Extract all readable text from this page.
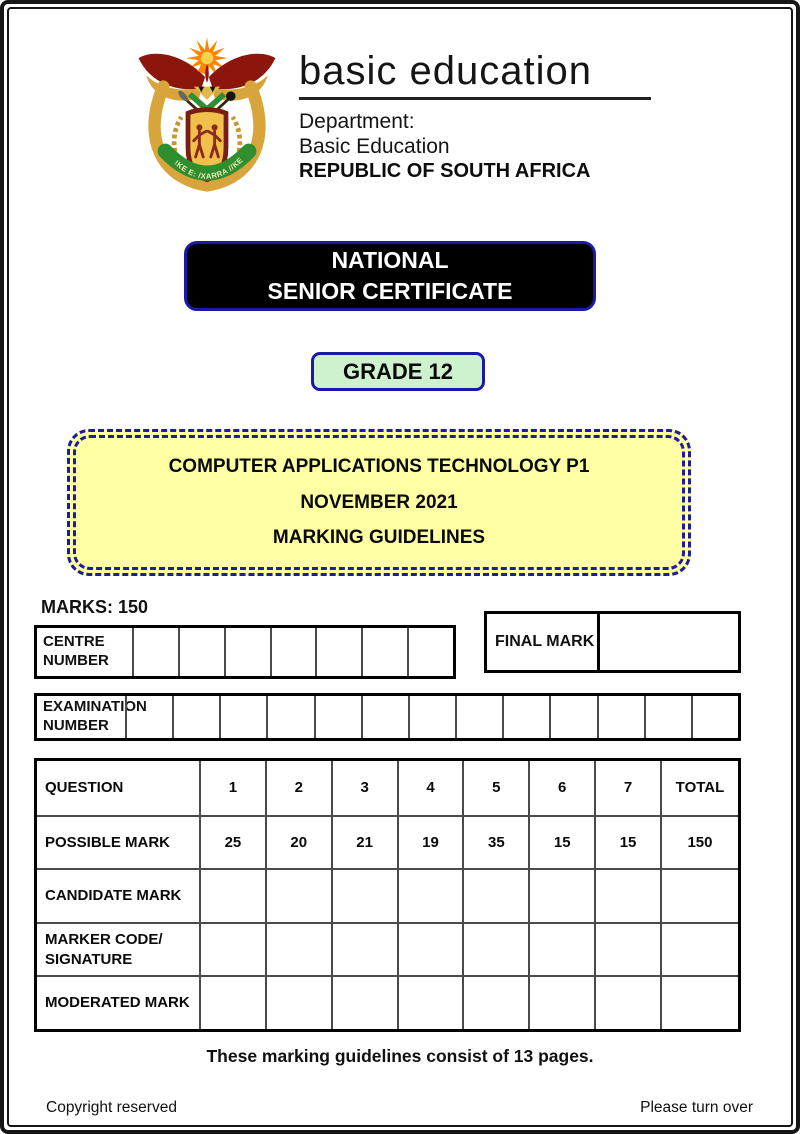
!KE E: /XARRA //KE
basic education
Department:
Basic Education
REPUBLIC OF SOUTH AFRICA
NATIONAL
SENIOR CERTIFICATE
GRADE 12
COMPUTER APPLICATIONS TECHNOLOGY P1
NOVEMBER 2021
MARKING GUIDELINES
MARKS: 150
CENTRE NUMBER
FINAL MARK
EXAMINATION NUMBER
QUESTION	1	2	3	4	5	6	7	TOTAL
POSSIBLE MARK	25	20	21	19	35	15	15	150
CANDIDATE MARK
MARKER CODE/ SIGNATURE
MODERATED MARK
These marking guidelines consist of 13 pages.
Copyright reserved	Please turn over
